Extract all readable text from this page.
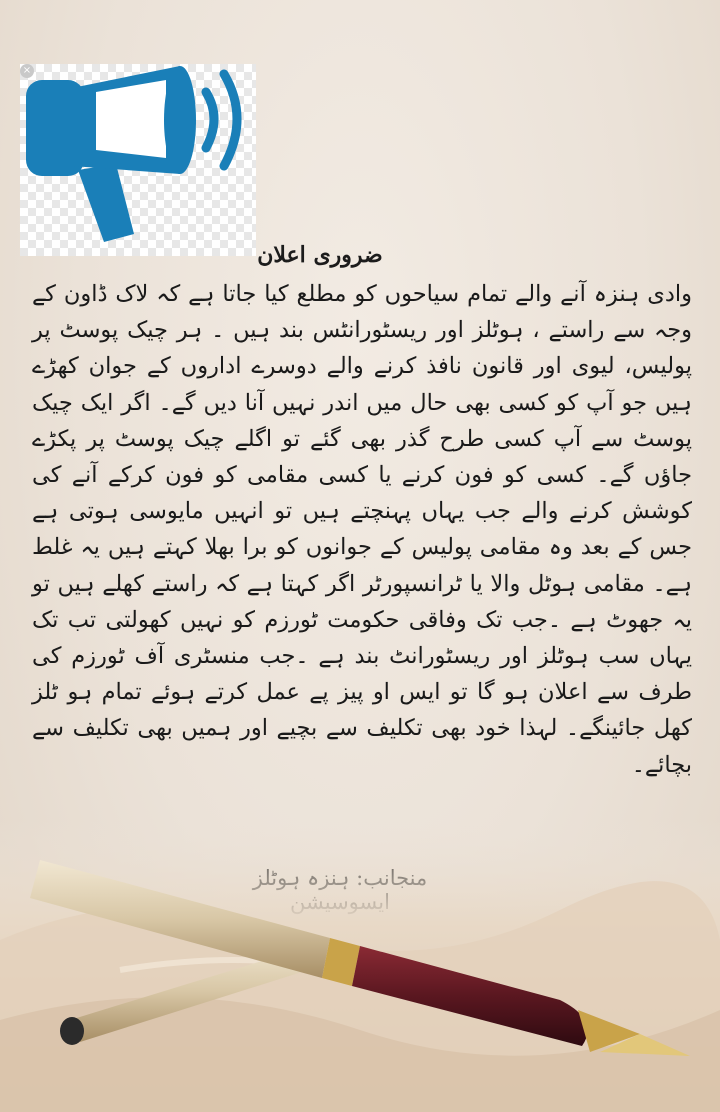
×
ضروری اعلان

وادی ہنزہ آنے والے تمام سیاحوں کو مطلع کیا جاتا ہے کہ لاک ڈاون کے وجہ سے راستے ، ہوٹلز اور ریسٹورانٹس بند ہیں ۔ ہر چیک پوسٹ پر پولیس، لیوی اور قانون نافذ کرنے والے دوسرے اداروں کے جوان کھڑے ہیں جو آپ کو کسی بھی حال میں اندر نہیں آنا دیں گے۔ اگر ایک چیک پوسٹ سے آپ کسی طرح گذر بھی گئے تو اگلے چیک پوسٹ پر پکڑے جاؤں گے۔ کسی کو فون کرنے یا کسی مقامی کو فون کرکے آنے کی کوشش کرنے والے جب یہاں پہنچتے ہیں تو انہیں مایوسی ہوتی ہے جس کے بعد وہ مقامی پولیس کے جوانوں کو برا بھلا کہتے ہیں یہ غلط ہے۔ مقامی ہوٹل والا یا ٹرانسپورٹر اگر کہتا ہے کہ راستے کھلے ہیں تو یہ جھوٹ ہے ۔جب تک وفاقی حکومت ٹورزم کو نہیں کھولتی تب تک یہاں سب ہوٹلز اور ریسٹورانٹ بند ہے ۔جب منسٹری آف ٹورزم کی طرف سے اعلان ہو گا تو ایس او پیز پے عمل کرتے ہوئے تمام ہو ٹلز کھل جائینگے۔ لہذا خود بھی تکلیف سے بچیے اور ہمیں بھی تکلیف سے بچائے۔
